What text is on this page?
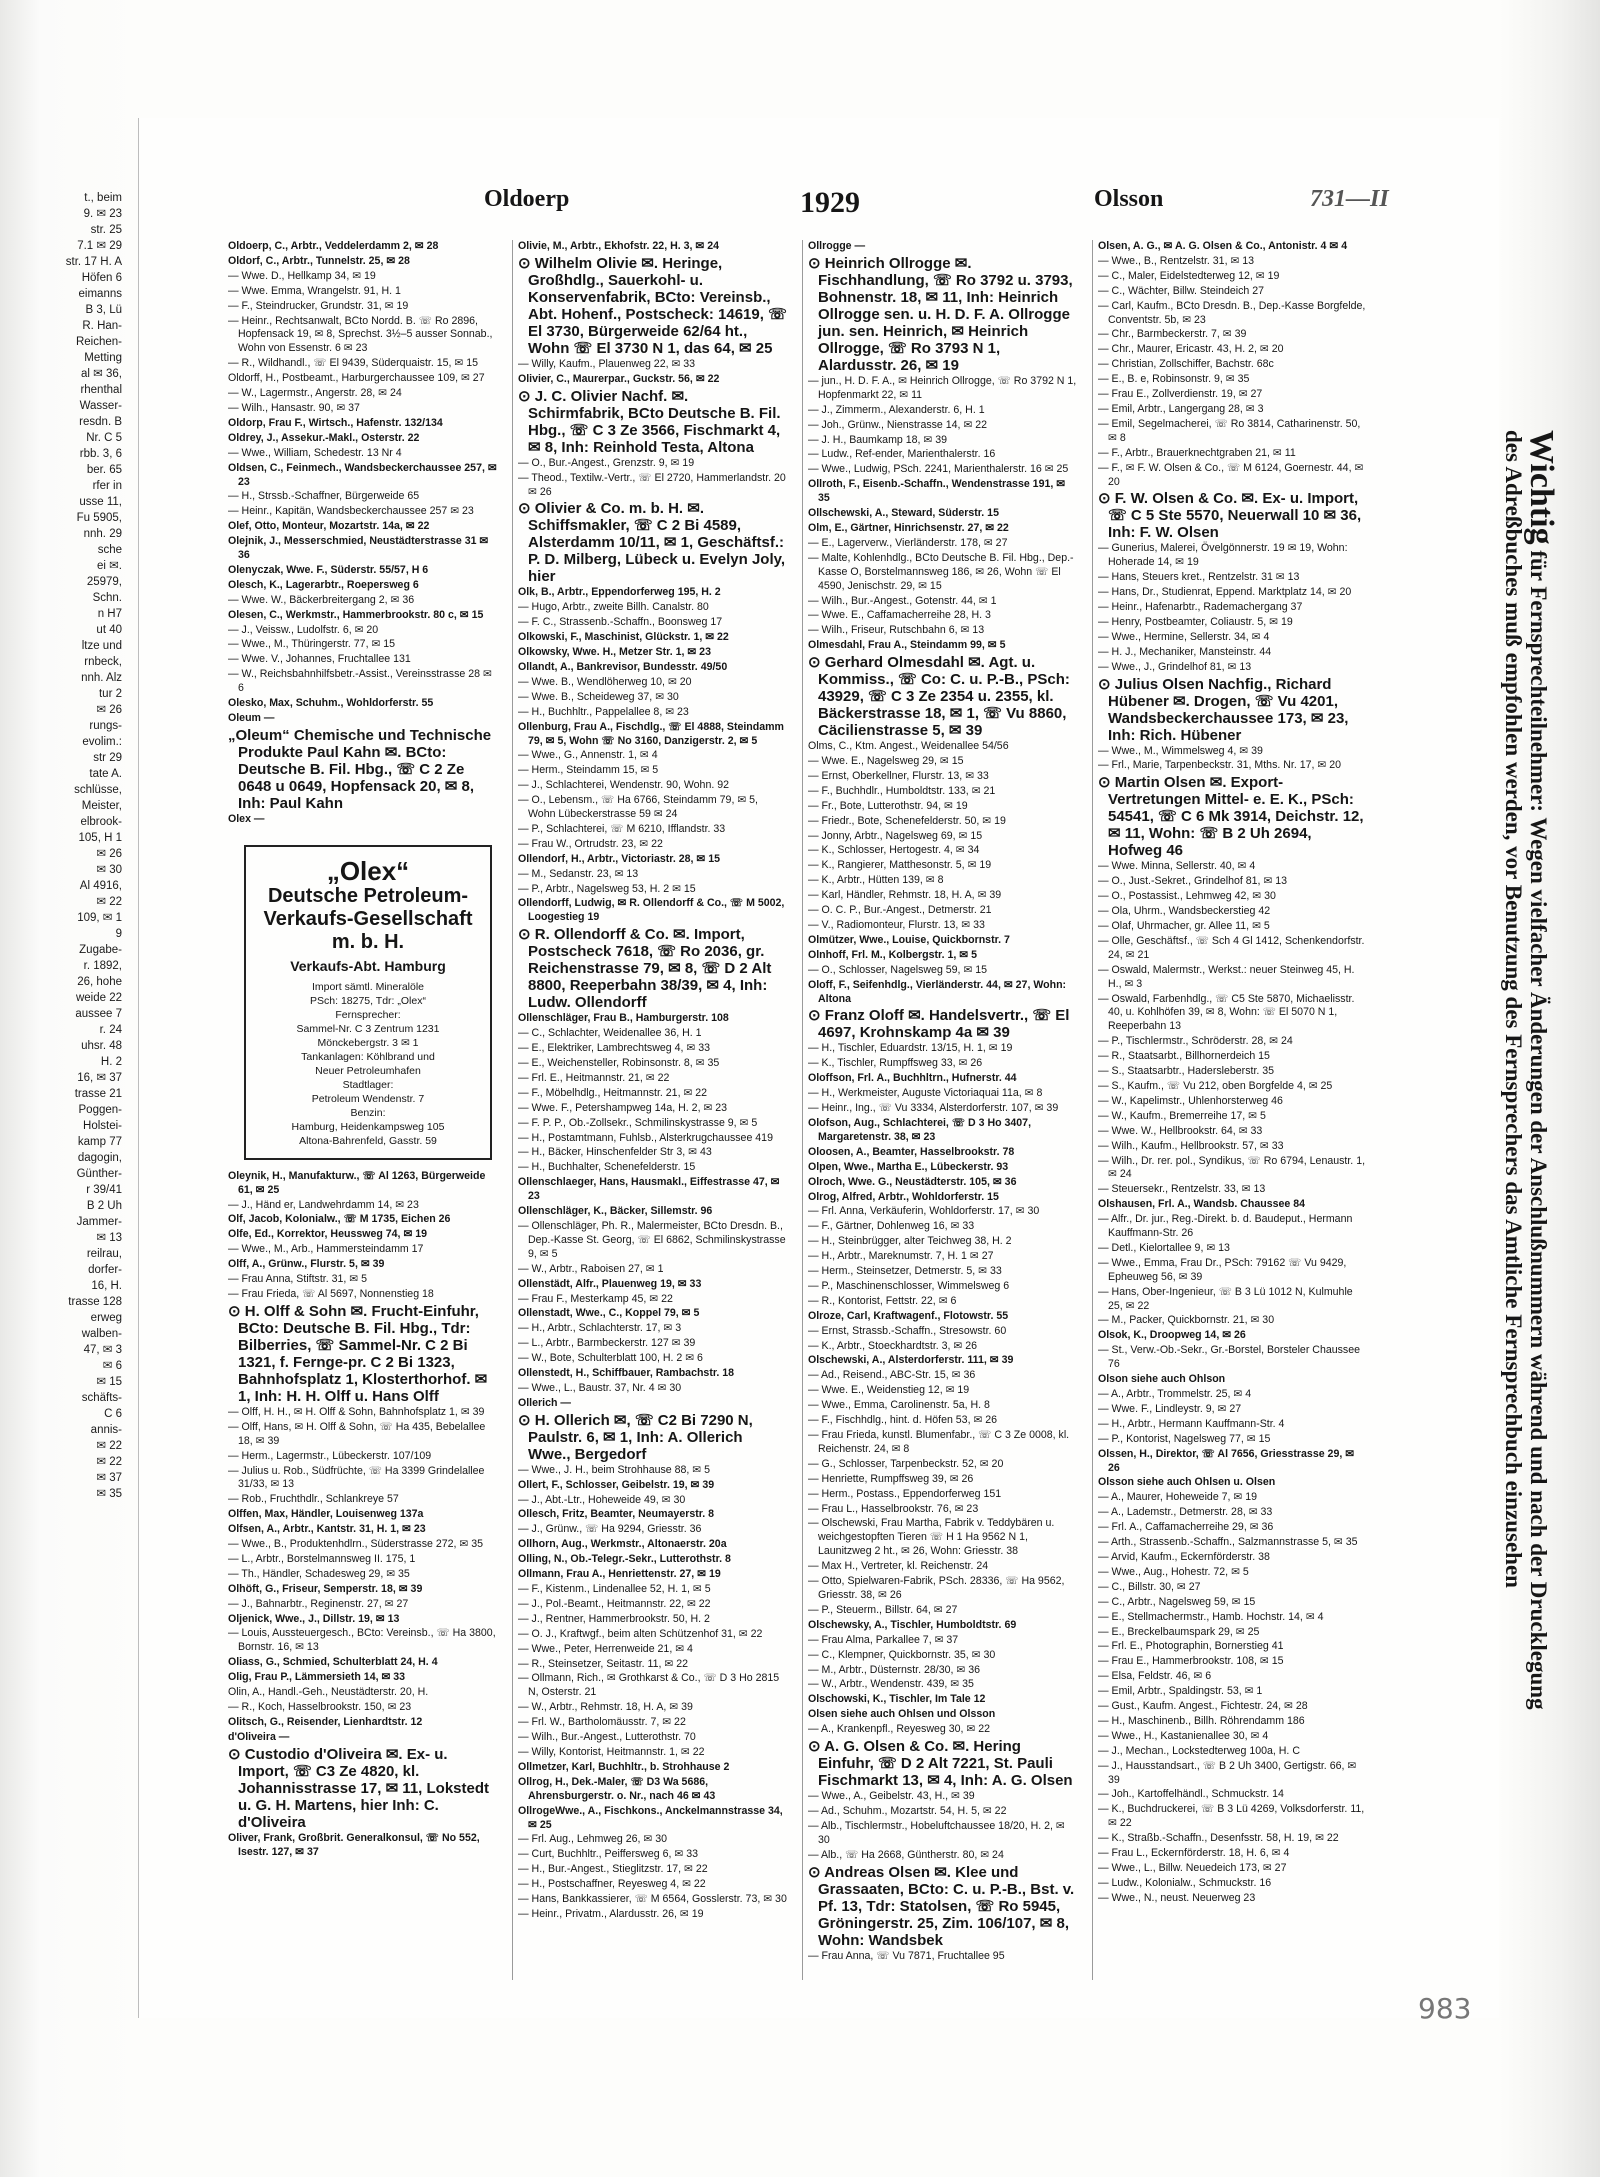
t., beim
9. ✉ 23
str. 25
7.1 ✉ 29
str. 17 H. A
Höfen 6
eimanns
B 3, Lü
R. Han-
Reichen-
Metting
al ✉ 36,
rhenthal
Wasser-
resdn. B
Nr. C 5
rbb. 3, 6
ber. 65
rfer in
usse 11,
Fu 5905,
nnh. 29
sche
ei ✉.
25979,
Schn.
n H7
ut 40
ltze und
rnbeck,
nnh. Alz
tur 2
✉ 26
rungs-
evolim.:
str 29
tate A.
schlüsse,
Meister,
elbrook-
105, H 1
✉ 26
✉ 30
Al 4916,
✉ 22
109, ✉ 1
9
Zugabe-
r. 1892,
26, hohe
weide 22
aussee 7
r. 24
uhsr. 48
H. 2
16, ✉ 37
trasse 21
Poggen-
Holstei-
kamp 77
dagogin,
Günther-
r 39/41
B 2 Uh
Jammer-
✉ 13
reilrau,
dorfer-
16, H.
trasse 128
erweg
walben-
47, ✉ 3
✉ 6
✉ 15
schäfts-
C 6
annis-
✉ 22
✉ 22
✉ 37
✉ 35
Oldoerp	1929	Olsson	731—II
Oldoerp, C., Arbtr., Veddelerdamm 2, ✉ 28
Oldorf, C., Arbtr., Tunnelstr. 25, ✉ 28
— Wwe. D., Hellkamp 34, ✉ 19
— Wwe. Emma, Wrangelstr. 91, H. 1
— F., Steindrucker, Grundstr. 31, ✉ 19
— Heinr., Rechtsanwalt, BCto Nordd. B. ☏ Ro 2896, Hopfensack 19, ✉ 8, Sprechst. 3½–5 ausser Sonnab., Wohn von Essenstr. 6 ✉ 23
— R., Wildhandl., ☏ El 9439, Süderquaistr. 15, ✉ 15
Oldorff, H., Postbeamt., Harburgerchaussee 109, ✉ 27
— W., Lagermstr., Angerstr. 28, ✉ 24
— Wilh., Hansastr. 90, ✉ 37
Oldorp, Frau F., Wirtsch., Hafenstr. 132/134
Oldrey, J., Assekur.-Makl., Osterstr. 22
— Wwe., William, Schedestr. 13 Nr 4
Oldsen, C., Feinmech., Wandsbeckerchaussee 257, ✉ 23
— H., Strssb.-Schaffner, Bürgerweide 65
— Heinr., Kapitän, Wandsbeckerchaussee 257 ✉ 23
Olef, Otto, Monteur, Mozartstr. 14a, ✉ 22
Olejnik, J., Messerschmied, Neustädterstrasse 31 ✉ 36
Olenyczak, Wwe. F., Süderstr. 55/57, H 6
Olesch, K., Lagerarbtr., Roepersweg 6
— Wwe. W., Bäckerbreitergang 2, ✉ 36
Olesen, C., Werkmstr., Hammerbrookstr. 80 c, ✉ 15
— J., Veissw., Ludolfstr. 6, ✉ 20
— Wwe., M., Thüringerstr. 77, ✉ 15
— Wwe. V., Johannes, Fruchtallee 131
— W., Reichsbahnhilfsbetr.-Assist., Vereinsstrasse 28 ✉ 6
Olesko, Max, Schuhm., Wohldorferstr. 55
Oleum —
„Oleum“ Chemische und Technische Produkte Paul Kahn ✉. BCto: Deutsche B. Fil. Hbg., ☏ C 2 Ze 0648 u 0649, Hopfensack 20, ✉ 8, Inh: Paul Kahn
Olex —
„Olex“
Deutsche Petroleum-
Verkaufs-Gesellschaft
m. b. H.
Verkaufs-Abt. Hamburg
Import sämtl. Mineralöle
PSch: 18275, Tdr: „Olex“
Fernsprecher:
Sammel-Nr. C 3 Zentrum 1231
Mönckebergstr. 3 ✉ 1
Tankanlagen: Köhlbrand und
Neuer Petroleumhafen
Stadtlager:
Petroleum Wendenstr. 7
Benzin:
Hamburg, Heidenkampsweg 105
Altona-Bahrenfeld, Gasstr. 59
Oleynik, H., Manufakturw., ☏ Al 1263, Bürgerweide 61, ✉ 25
— J., Händ er, Landwehrdamm 14, ✉ 23
Olf, Jacob, Kolonialw., ☏ M 1735, Eichen 26
Olfe, Ed., Korrektor, Heussweg 74, ✉ 19
— Wwe., M., Arb., Hammersteindamm 17
Olff, A., Grünw., Flurstr. 5, ✉ 39
— Frau Anna, Stiftstr. 31, ✉ 5
— Frau Frieda, ☏ Al 5697, Nonnenstieg 18
⊙ H. Olff & Sohn ✉. Frucht-Einfuhr, BCto: Deutsche B. Fil. Hbg., Tdr: Bilberries, ☏ Sammel-Nr. C 2 Bi 1321, f. Fernge-pr. C 2 Bi 1323, Bahnhofsplatz 1, Klosterthorhof. ✉ 1, Inh: H. H. Olff u. Hans Olff
— Olff, H. H., ✉ H. Olff & Sohn, Bahnhofsplatz 1, ✉ 39
— Olff, Hans, ✉ H. Olff & Sohn, ☏ Ha 435, Bebelallee 18, ✉ 39
— Herm., Lagermstr., Lübeckerstr. 107/109
— Julius u. Rob., Südfrüchte, ☏ Ha 3399 Grindelallee 31/33, ✉ 13
— Rob., Fruchthdlr., Schlankreye 57
Olffen, Max, Händler, Louisenweg 137a
Olfsen, A., Arbtr., Kantstr. 31, H. 1, ✉ 23
— Wwe., B., Produktenhdlrn., Süderstrasse 272, ✉ 35
— L., Arbtr., Borstelmannsweg II. 175, 1
— Th., Händler, Schadesweg 29, ✉ 35
Olhöft, G., Friseur, Semperstr. 18, ✉ 39
— J., Bahnarbtr., Reginenstr. 27, ✉ 27
Oljenick, Wwe., J., Dillstr. 19, ✉ 13
— Louis, Aussteuergesch., BCto: Vereinsb., ☏ Ha 3800, Bornstr. 16, ✉ 13
Oliass, G., Schmied, Schulterblatt 24, H. 4
Olig, Frau P., Lämmersieth 14, ✉ 33
Olin, A., Handl.-Geh., Neustädterstr. 20, H.
— R., Koch, Hasselbrookstr. 150, ✉ 23
Olitsch, G., Reisender, Lienhardtstr. 12
d'Oliveira —
⊙ Custodio d'Oliveira ✉. Ex- u. Import, ☏ C3 Ze 4820, kl. Johannisstrasse 17, ✉ 11, Lokstedt u. G. H. Martens, hier Inh: C. d'Oliveira
Oliver, Frank, Großbrit. Generalkonsul, ☏ No 552, Isestr. 127, ✉ 37
Olivie, M., Arbtr., Ekhofstr. 22, H. 3, ✉ 24
⊙ Wilhelm Olivie ✉. Heringe, Großhdlg., Sauerkohl- u. Konservenfabrik, BCto: Vereinsb., Abt. Hohenf., Postscheck: 14619, ☏ El 3730, Bürgerweide 62/64 ht., Wohn ☏ El 3730 N 1, das 64, ✉ 25
— Willy, Kaufm., Plauenweg 22, ✉ 33
Olivier, C., Maurerpar., Guckstr. 56, ✉ 22
⊙ J. C. Olivier Nachf. ✉. Schirmfabrik, BCto Deutsche B. Fil. Hbg., ☏ C 3 Ze 3566, Fischmarkt 4, ✉ 8, Inh: Reinhold Testa, Altona
— O., Bur.-Angest., Grenzstr. 9, ✉ 19
— Theod., Textilw.-Vertr., ☏ El 2720, Hammerlandstr. 20 ✉ 26
⊙ Olivier & Co. m. b. H. ✉. Schiffsmakler, ☏ C 2 Bi 4589, Alsterdamm 10/11, ✉ 1, Geschäftsf.: P. D. Milberg, Lübeck u. Evelyn Joly, hier
Olk, B., Arbtr., Eppendorferweg 195, H. 2
— Hugo, Arbtr., zweite Billh. Canalstr. 80
— F. C., Strassenb.-Schaffn., Boonsweg 17
Olkowski, F., Maschinist, Glückstr. 1, ✉ 22
Olkowsky, Wwe. H., Metzer Str. 1, ✉ 23
Ollandt, A., Bankrevisor, Bundesstr. 49/50
— Wwe. B., Wendlöherweg 10, ✉ 20
— Wwe. B., Scheideweg 37, ✉ 30
— H., Buchhltr., Pappelallee 8, ✉ 23
Ollenburg, Frau A., Fischdlg., ☏ El 4888, Steindamm 79, ✉ 5, Wohn ☏ No 3160, Danzigerstr. 2, ✉ 5
— Wwe., G., Annenstr. 1, ✉ 4
— Herm., Steindamm 15, ✉ 5
— J., Schlachterei, Wendenstr. 90, Wohn. 92
— O., Lebensm., ☏ Ha 6766, Steindamm 79, ✉ 5, Wohn Lübeckerstrasse 59 ✉ 24
— P., Schlachterei, ☏ M 6210, Ifflandstr. 33
— Frau W., Ortrudstr. 23, ✉ 22
Ollendorf, H., Arbtr., Victoriastr. 28, ✉ 15
— M., Sedanstr. 23, ✉ 13
— P., Arbtr., Nagelsweg 53, H. 2 ✉ 15
Ollendorff, Ludwig, ✉ R. Ollendorff & Co., ☏ M 5002, Loogestieg 19
⊙ R. Ollendorff & Co. ✉. Import, Postscheck 7618, ☏ Ro 2036, gr. Reichenstrasse 79, ✉ 8, ☏ D 2 Alt 8800, Reeperbahn 38/39, ✉ 4, Inh: Ludw. Ollendorff
Ollenschläger, Frau B., Hamburgerstr. 108
— C., Schlachter, Weidenallee 36, H. 1
— E., Elektriker, Lambrechtsweg 4, ✉ 33
— E., Weichensteller, Robinsonstr. 8, ✉ 35
— Frl. E., Heitmannstr. 21, ✉ 22
— F., Möbelhdlg., Heitmannstr. 21, ✉ 22
— Wwe. F., Petershampweg 14a, H. 2, ✉ 23
— F. P. P., Ob.-Zollsekr., Schmilinskystrasse 9, ✉ 5
— H., Postamtmann, Fuhlsb., Alsterkrugchaussee 419
— H., Bäcker, Hinschenfelder Str 3, ✉ 43
— H., Buchhalter, Schenefelderstr. 15
Ollenschlaeger, Hans, Hausmakl., Eiffestrasse 47, ✉ 23
Ollenschläger, K., Bäcker, Sillemstr. 96
— Ollenschläger, Ph. R., Malermeister, BCto Dresdn. B., Dep.-Kasse St. Georg, ☏ El 6862, Schmilinskystrasse 9, ✉ 5
— W., Arbtr., Raboisen 27, ✉ 1
Ollenstädt, Alfr., Plauenweg 19, ✉ 33
— Frau F., Mesterkamp 45, ✉ 22
Ollenstadt, Wwe., C., Koppel 79, ✉ 5
— H., Arbtr., Schlachterstr. 17, ✉ 3
— L., Arbtr., Barmbeckerstr. 127 ✉ 39
— W., Bote, Schulterblatt 100, H. 2 ✉ 6
Ollenstedt, H., Schiffbauer, Rambachstr. 18
— Wwe., L., Baustr. 37, Nr. 4 ✉ 30
Ollerich —
⊙ H. Ollerich ✉, ☏ C2 Bi 7290 N, Paulstr. 6, ✉ 1, Inh: A. Ollerich Wwe., Bergedorf
— Wwe., J. H., beim Strohhause 88, ✉ 5
Ollert, F., Schlosser, Geibelstr. 19, ✉ 39
— J., Abt.-Ltr., Hoheweide 49, ✉ 30
Ollesch, Fritz, Beamter, Neumayerstr. 8
— J., Grünw., ☏ Ha 9294, Griesstr. 36
Ollhorn, Aug., Werkmstr., Altonaerstr. 20a
Olling, N., Ob.-Telegr.-Sekr., Lutterothstr. 8
Ollmann, Frau A., Henriettenstr. 27, ✉ 19
— F., Kistenm., Lindenallee 52, H. 1, ✉ 5
— J., Pol.-Beamt., Heitmannstr. 22, ✉ 22
— J., Rentner, Hammerbrookstr. 50, H. 2
— O. J., Kraftwgf., beim alten Schützenhof 31, ✉ 22
— Wwe., Peter, Herrenweide 21, ✉ 4
— R., Steinsetzer, Seitastr. 11, ✉ 22
— Ollmann, Rich., ✉ Grothkarst & Co., ☏ D 3 Ho 2815 N, Osterstr. 21
— W., Arbtr., Rehmstr. 18, H. A, ✉ 39
— Frl. W., Bartholomäusstr. 7, ✉ 22
— Wilh., Bur.-Angest., Lutterothstr. 70
— Willy, Kontorist, Heitmannstr. 1, ✉ 22
Ollmetzer, Karl, Buchhltr., b. Strohhause 2
Ollrog, H., Dek.-Maler, ☏ D3 Wa 5686, Ahrensburgerstr. o. Nr., nach 46 ✉ 43
OllrogeWwe., A., Fischkons., Anckelmannstrasse 34, ✉ 25
— Frl. Aug., Lehmweg 26, ✉ 30
— Curt, Buchhltr., Peiffersweg 6, ✉ 33
— H., Bur.-Angest., Stieglitzstr. 17, ✉ 22
— H., Postschaffner, Reyesweg 4, ✉ 22
— Hans, Bankkassierer, ☏ M 6564, Gosslerstr. 73, ✉ 30
— Heinr., Privatm., Alardusstr. 26, ✉ 19
Ollrogge —
⊙ Heinrich Ollrogge ✉. Fischhandlung, ☏ Ro 3792 u. 3793, Bohnenstr. 18, ✉ 11, Inh: Heinrich Ollrogge sen. u. H. D. F. A. Ollrogge jun. sen. Heinrich, ✉ Heinrich Ollrogge, ☏ Ro 3793 N 1, Alardusstr. 26, ✉ 19
— jun., H. D. F. A., ✉ Heinrich Ollrogge, ☏ Ro 3792 N 1, Hopfenmarkt 22, ✉ 11
— J., Zimmerm., Alexanderstr. 6, H. 1
— Joh., Grünw., Nienstrasse 14, ✉ 22
— J. H., Baumkamp 18, ✉ 39
— Ludw., Ref-ender, Marienthalerstr. 16
— Wwe., Ludwig, PSch. 2241, Marienthalerstr. 16 ✉ 25
Ollroth, F., Eisenb.-Schaffn., Wendenstrasse 191, ✉ 35
Ollschewski, A., Steward, Süderstr. 15
Olm, E., Gärtner, Hinrichsenstr. 27, ✉ 22
— E., Lagerverw., Vierländerstr. 178, ✉ 27
— Malte, Kohlenhdlg., BCto Deutsche B. Fil. Hbg., Dep.-Kasse O, Borstelmannsweg 186, ✉ 26, Wohn ☏ El 4590, Jenischstr. 29, ✉ 15
— Wilh., Bur.-Angest., Gotenstr. 44, ✉ 1
— Wwe. E., Caffamacherreihe 28, H. 3
— Wilh., Friseur, Rutschbahn 6, ✉ 13
Olmesdahl, Frau A., Steindamm 99, ✉ 5
⊙ Gerhard Olmesdahl ✉. Agt. u. Kommiss., ☏ Co: C. u. P.-B., PSch: 43929, ☏ C 3 Ze 2354 u. 2355, kl. Bäckerstrasse 18, ✉ 1, ☏ Vu 8860, Cäcilienstrasse 5, ✉ 39
Olms, C., Ktm. Angest., Weidenallee 54/56
— Wwe. E., Nagelsweg 29, ✉ 15
— Ernst, Oberkellner, Flurstr. 13, ✉ 33
— F., Buchhdlr., Humboldtstr. 133, ✉ 21
— Fr., Bote, Lutterothstr. 94, ✉ 19
— Friedr., Bote, Schenefelderstr. 50, ✉ 19
— Jonny, Arbtr., Nagelsweg 69, ✉ 15
— K., Schlosser, Hertogestr. 4, ✉ 34
— K., Rangierer, Matthesonstr. 5, ✉ 19
— K., Arbtr., Hütten 139, ✉ 8
— Karl, Händler, Rehmstr. 18, H. A, ✉ 39
— O. C. P., Bur.-Angest., Detmerstr. 21
— V., Radiomonteur, Flurstr. 13, ✉ 33
Olmützer, Wwe., Louise, Quickbornstr. 7
Olnhoff, Frl. M., Kolbergstr. 1, ✉ 5
— O., Schlosser, Nagelsweg 59, ✉ 15
Oloff, F., Seifenhdlg., Vierländerstr. 44, ✉ 27, Wohn: Altona
⊙ Franz Oloff ✉. Handelsvertr., ☏ El 4697, Krohnskamp 4a ✉ 39
— H., Tischler, Eduardstr. 13/15, H. 1, ✉ 19
— K., Tischler, Rumpffsweg 33, ✉ 26
Oloffson, Frl. A., Buchhltrn., Hufnerstr. 44
— H., Werkmeister, Auguste Victoriaquai 11a, ✉ 8
— Heinr., Ing., ☏ Vu 3334, Alsterdorferstr. 107, ✉ 39
Olofson, Aug., Schlachterei, ☏ D 3 Ho 3407, Margaretenstr. 38, ✉ 23
Oloosen, A., Beamter, Hasselbrookstr. 78
Olpen, Wwe., Martha E., Lübeckerstr. 93
Olroch, Wwe. G., Neustädterstr. 105, ✉ 36
Olrog, Alfred, Arbtr., Wohldorferstr. 15
— Frl. Anna, Verkäuferin, Wohldorferstr. 17, ✉ 30
— F., Gärtner, Dohlenweg 16, ✉ 33
— H., Steinbrügger, alter Teichweg 38, H. 2
— H., Arbtr., Mareknumstr. 7, H. 1 ✉ 27
— Herm., Steinsetzer, Detmerstr. 5, ✉ 33
— P., Maschinenschlosser, Wimmelsweg 6
— R., Kontorist, Fettstr. 22, ✉ 6
Olroze, Carl, Kraftwagenf., Flotowstr. 55
— Ernst, Strassb.-Schaffn., Stresowstr. 60
— K., Arbtr., Stoeckhardtstr. 3, ✉ 26
Olschewski, A., Alsterdorferstr. 111, ✉ 39
— Ad., Reisend., ABC-Str. 15, ✉ 36
— Wwe. E., Weidenstieg 12, ✉ 19
— Wwe., Emma, Carolinenstr. 5a, H. 8
— F., Fischhdlg., hint. d. Höfen 53, ✉ 26
— Frau Frieda, kunstl. Blumenfabr., ☏ C 3 Ze 0008, kl. Reichenstr. 24, ✉ 8
— G., Schlosser, Tarpenbeckstr. 52, ✉ 20
— Henriette, Rumpffsweg 39, ✉ 26
— Herm., Postass., Eppendorferweg 151
— Frau L., Hasselbrookstr. 76, ✉ 23
— Olschewski, Frau Martha, Fabrik v. Teddybären u. weichgestopften Tieren ☏ H 1 Ha 9562 N 1, Launitzweg 2 ht., ✉ 26, Wohn: Griesstr. 38
— Max H., Vertreter, kl. Reichenstr. 24
— Otto, Spielwaren-Fabrik, PSch. 28336, ☏ Ha 9562, Griesstr. 38, ✉ 26
— P., Steuerm., Billstr. 64, ✉ 27
Olschewsky, A., Tischler, Humboldtstr. 69
— Frau Alma, Parkallee 7, ✉ 37
— C., Klempner, Quickbornstr. 35, ✉ 30
— M., Arbtr., Düsternstr. 28/30, ✉ 36
— W., Arbtr., Wendenstr. 439, ✉ 35
Olschowski, K., Tischler, Im Tale 12
Olsen siehe auch Ohlsen und Olsson
— A., Krankenpfl., Reyesweg 30, ✉ 22
⊙ A. G. Olsen & Co. ✉. Hering Einfuhr, ☏ D 2 Alt 7221, St. Pauli Fischmarkt 13, ✉ 4, Inh: A. G. Olsen
— Wwe., A., Geibelstr. 43, H., ✉ 39
— Ad., Schuhm., Mozartstr. 54, H. 5, ✉ 22
— Alb., Tischlermstr., Hobeluftchaussee 18/20, H. 2, ✉ 30
— Alb., ☏ Ha 2668, Güntherstr. 80, ✉ 24
⊙ Andreas Olsen ✉. Klee und Grassaaten, BCto: C. u. P.-B., Bst. v. Pf. 13, Tdr: Statolsen, ☏ Ro 5945, Gröningerstr. 25, Zim. 106/107, ✉ 8, Wohn: Wandsbek
— Frau Anna, ☏ Vu 7871, Fruchtallee 95
Olsen, A. G., ✉ A. G. Olsen & Co., Antonistr. 4 ✉ 4
— Wwe., B., Rentzelstr. 31, ✉ 13
— C., Maler, Eidelstedterweg 12, ✉ 19
— C., Wächter, Billw. Steindeich 27
— Carl, Kaufm., BCto Dresdn. B., Dep.-Kasse Borgfelde, Conventstr. 5b, ✉ 23
— Chr., Barmbeckerstr. 7, ✉ 39
— Chr., Maurer, Ericastr. 43, H. 2, ✉ 20
— Christian, Zollschiffer, Bachstr. 68c
— E., B. e, Robinsonstr. 9, ✉ 35
— Frau E., Zollverdienstr. 19, ✉ 27
— Emil, Arbtr., Langergang 28, ✉ 3
— Emil, Segelmacherei, ☏ Ro 3814, Catharinenstr. 50, ✉ 8
— F., Arbtr., Brauerknechtgraben 21, ✉ 11
— F., ✉ F. W. Olsen & Co., ☏ M 6124, Goernestr. 44, ✉ 20
⊙ F. W. Olsen & Co. ✉. Ex- u. Import, ☏ C 5 Ste 5570, Neuerwall 10 ✉ 36, Inh: F. W. Olsen
— Gunerius, Malerei, Övelgönnerstr. 19 ✉ 19, Wohn: Hoheradе 14, ✉ 19
— Hans, Steuers kret., Rentzelstr. 31 ✉ 13
— Hans, Dr., Studienrat, Eppend. Marktplatz 14, ✉ 20
— Heinr., Hafenarbtr., Rademachergang 37
— Henry, Postbeamter, Coliaustr. 5, ✉ 19
— Wwe., Hermine, Sellerstr. 34, ✉ 4
— H. J., Mechaniker, Mansteinstr. 44
— Wwe., J., Grindelhof 81, ✉ 13
⊙ Julius Olsen Nachfig., Richard Hübener ✉. Drogen, ☏ Vu 4201, Wandsbeckerchaussee 173, ✉ 23, Inh: Rich. Hübener
— Wwe., M., Wimmelsweg 4, ✉ 39
— Frl., Marie, Tarpenbeckstr. 31, Mths. Nr. 17, ✉ 20
⊙ Martin Olsen ✉. Export-Vertretungen Mittel- e. E. K., PSch: 54541, ☏ C 6 Mk 3914, Deichstr. 12, ✉ 11, Wohn: ☏ B 2 Uh 2694, Hofweg 46
— Wwe. Minna, Sellerstr. 40, ✉ 4
— O., Just.-Sekret., Grindelhof 81, ✉ 13
— O., Postassist., Lehmweg 42, ✉ 30
— Ola, Uhrm., Wandsbeckerstieg 42
— Olaf, Uhrmacher, gr. Allee 11, ✉ 5
— Olle, Geschäftsf., ☏ Sch 4 Gl 1412, Schenkendorfstr. 24, ✉ 21
— Oswald, Malermstr., Werkst.: neuer Steinweg 45, H. H., ✉ 3
— Oswald, Farbenhdlg., ☏ C5 Ste 5870, Michaelisstr. 40, u. Kohlhöfen 39, ✉ 8, Wohn: ☏ El 5070 N 1, Reeperbahn 13
— P., Tischlermstr., Schröderstr. 28, ✉ 24
— R., Staatsarbt., Billhornerdeich 15
— S., Staatsarbtr., Hadersleberstr. 35
— S., Kaufm., ☏ Vu 212, oben Borgfelde 4, ✉ 25
— W., Kapelimstr., Uhlenhorsterweg 46
— W., Kaufm., Bremerreihe 17, ✉ 5
— Wwe. W., Hellbrookstr. 64, ✉ 33
— Wilh., Kaufm., Hellbrookstr. 57, ✉ 33
— Wilh., Dr. rer. pol., Syndikus, ☏ Ro 6794, Lenaustr. 1, ✉ 24
— Steuersekr., Rentzelstr. 33, ✉ 13
Olshausen, Frl. A., Wandsb. Chaussee 84
— Alfr., Dr. jur., Reg.-Direkt. b. d. Baudeput., Hermann Kauffmann-Str. 26
— Detl., Kielortallee 9, ✉ 13
— Wwe., Emma, Frau Dr., PSch: 79162 ☏ Vu 9429, Ephеuweg 56, ✉ 39
— Hans, Ober-Ingenieur, ☏ B 3 Lü 1012 N, Kulmuhle 25, ✉ 22
— M., Packer, Quickbornstr. 21, ✉ 30
Olsok, K., Droopweg 14, ✉ 26
— St., Verw.-Ob.-Sekr., Gr.-Borstel, Borsteler Chaussee 76
Olson siehe auch Ohlson
— A., Arbtr., Trommelstr. 25, ✉ 4
— Wwe. F., Lindleystr. 9, ✉ 27
— H., Arbtr., Hermann Kauffmann-Str. 4
— P., Kontorist, Nagelsweg 77, ✉ 15
Olssen, H., Direktor, ☏ Al 7656, Griesstrasse 29, ✉ 26
Olsson siehe auch Ohlsen u. Olsen
— A., Maurer, Hoheweide 7, ✉ 19
— A., Lademstr., Detmerstr. 28, ✉ 33
— Frl. A., Caffamacherreihe 29, ✉ 36
— Arth., Strassenb.-Schaffn., Salzmannstrasse 5, ✉ 35
— Arvid, Kaufm., Eckernförderstr. 38
— Wwe., Aug., Hohestr. 72, ✉ 5
— C., Billstr. 30, ✉ 27
— C., Arbtr., Nagelsweg 59, ✉ 15
— E., Stellmachermstr., Hamb. Hochstr. 14, ✉ 4
— E., Breckelbaumspark 29, ✉ 25
— Frl. E., Photographin, Bornerstieg 41
— Frau E., Hammerbrookstr. 108, ✉ 15
— Elsa, Feldstr. 46, ✉ 6
— Emil, Arbtr., Spaldingstr. 53, ✉ 1
— Gust., Kaufm. Angest., Fichtestr. 24, ✉ 28
— H., Maschinenb., Billh. Röhrendamm 186
— Wwe., H., Kastanienallee 30, ✉ 4
— J., Mechan., Lockstedterweg 100a, H. C
— J., Hausstandsart., ☏ B 2 Uh 3400, Gertigstr. 66, ✉ 39
— Joh., Kartoffelhändl., Schmuckstr. 14
— K., Buchdruckerei, ☏ B 3 Lü 4269, Volksdorferstr. 11, ✉ 22
— K., Straßb.-Schaffn., Desenfsstr. 58, H. 19, ✉ 22
— Frau L., Eckernförderstr. 18, H. 6, ✉ 4
— Wwe., L., Billw. Neuedeich 173, ✉ 27
— Ludw., Kolonialw., Schmuckstr. 16
— Wwe., N., neust. Neuerweg 23
Wichtig für Fernsprechteilnehmer: Wegen vielfacher Änderungen der Anschlußnummern während und nach der Drucklegung
des Adreßbuches muß empfohlen werden, vor Benutzung des Fernsprechers das Amtliche Fernsprechbuch einzusehen
983
